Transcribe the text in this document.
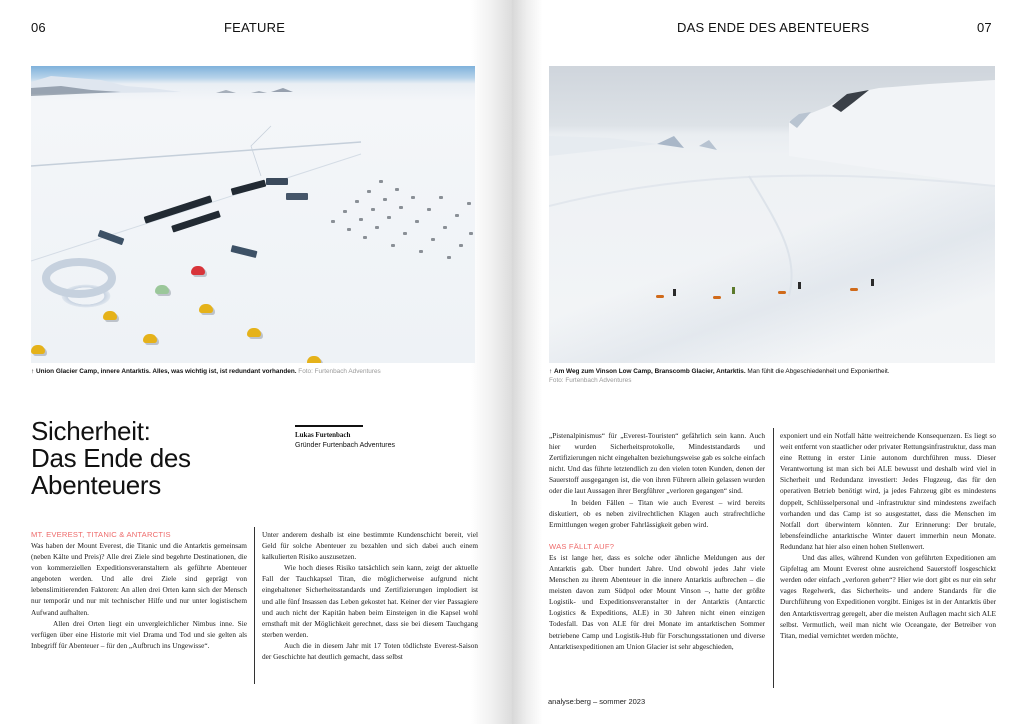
06	FEATURE
↑ Union Glacier Camp, innere Antarktis. Alles, was wichtig ist, ist redundant vorhanden. Foto: Furtenbach Adventures
Sicherheit:
Das Ende des
Abenteuers
Lukas Furtenbach
Gründer Furtenbach Adventures
MT. EVEREST, TITANIC & ANTARCTIS

Was haben der Mount Everest, die Titanic und die Antarktis gemeinsam (neben Kälte und Preis)? Alle drei Ziele sind begehrte Destinationen, die von kommerziellen Expeditionsveranstaltern als geführte Abenteuer angeboten werden. Und alle drei Ziele sind geprägt von lebenslimitierenden Faktoren: An allen drei Orten kann sich der Mensch nur temporär und nur mit technischer Hilfe und nur unter logistischem Aufwand aufhalten.

Allen drei Orten liegt ein unvergleichlicher Nimbus inne. Sie verfügen über eine Historie mit viel Drama und Tod und sie gelten als Inbegriff für Abenteuer – für den „Aufbruch ins Ungewisse“.

Unter anderem deshalb ist eine bestimmte Kundenschicht bereit, viel Geld für solche Abenteuer zu bezahlen und sich dabei auch einem kalkulierten Risiko auszusetzen.

Wie hoch dieses Risiko tatsächlich sein kann, zeigt der aktuelle Fall der Tauchkapsel Titan, die möglicherweise aufgrund nicht eingehaltener Sicherheitsstandards und Zertifizierungen implodiert ist und alle fünf Insassen das Leben gekostet hat. Keiner der vier Passagiere und auch nicht der Kapitän haben beim Einsteigen in die Kapsel wohl ernsthaft mit der Möglichkeit gerechnet, dass sie bei diesem Tauchgang sterben werden.

Auch die in diesem Jahr mit 17 Toten tödlichste Everest-Saison der Geschichte hat deutlich gemacht, dass selbst

DAS ENDE DES ABENTEUERS	07
↑ Am Weg zum Vinson Low Camp, Branscomb Glacier, Antarktis. Man fühlt die Abgeschiedenheit und Exponiertheit.
Foto: Furtenbach Adventures

„Pistenalpinismus“ für „Everest-Touristen“ gefährlich sein kann. Auch hier wurden Sicherheitsprotokolle, Mindeststandards und Zertifizierungen nicht eingehalten beziehungsweise gab es solche einfach nicht. Und das führte letztendlich zu den vielen toten Kunden, denen der Sauerstoff ausgegangen ist, die von ihren Führern allein gelassen wurden oder die laut Aussagen ihrer Bergführer „verloren gegangen“ sind.

In beiden Fällen – Titan wie auch Everest – wird bereits diskutiert, ob es neben zivilrechtlichen Klagen auch strafrechtliche Ermittlungen wegen grober Fahrlässigkeit geben wird.

WAS FÄLLT AUF?

Es ist lange her, dass es solche oder ähnliche Meldungen aus der Antarktis gab. Über hundert Jahre. Und obwohl jedes Jahr viele Menschen zu ihrem Abenteuer in die innere Antarktis aufbrechen – die meisten davon zum Südpol oder Mount Vinson –, hatte der größte Logistik- und Expeditionsveranstalter in der Antarktis (Antarctic Logistics & Expeditions, ALE) in 30 Jahren nicht einen einzigen Todesfall. Das von ALE für drei Monate im antarktischen Sommer betriebene Camp und Logistik-Hub für Forschungsstationen und diverse Antarktisexpeditionen am Union Glacier ist sehr abgeschieden,

exponiert und ein Notfall hätte weitreichende Konsequenzen. Es liegt so weit entfernt von staatlicher oder privater Rettungsinfrastruktur, dass man eine Rettung in erster Linie autonom durchführen muss. Dieser Verantwortung ist man sich bei ALE bewusst und deshalb wird viel in Sicherheit und Redundanz investiert: Jedes Flugzeug, das für den operativen Betrieb benötigt wird, ja jedes Fahrzeug gibt es mindestens doppelt, Schlüsselpersonal und -infrastruktur sind mindestens zweifach vorhanden und das Camp ist so ausgestattet, dass die Menschen im Notfall dort überwintern könnten. Zur Erinnerung: Der brutale, lebensfeindliche antarktische Winter dauert immerhin neun Monate. Redundanz hat hier also einen hohen Stellenwert.

Und das alles, während Kunden von geführten Expeditionen am Gipfeltag am Mount Everest ohne ausreichend Sauerstoff losgeschickt werden oder einfach „verloren gehen“? Hier wie dort gibt es nur ein sehr vages Regelwerk, das Sicherheits- und andere Standards für die Durchführung von Expeditionen vorgibt. Einiges ist in der Antarktis über den Antarktisvertrag geregelt, aber die meisten Auflagen macht sich ALE selbst. Vermutlich, weil man nicht wie Oceangate, der Betreiber von Titan, medial vernichtet werden möchte,

analyse:berg – sommer 2023
